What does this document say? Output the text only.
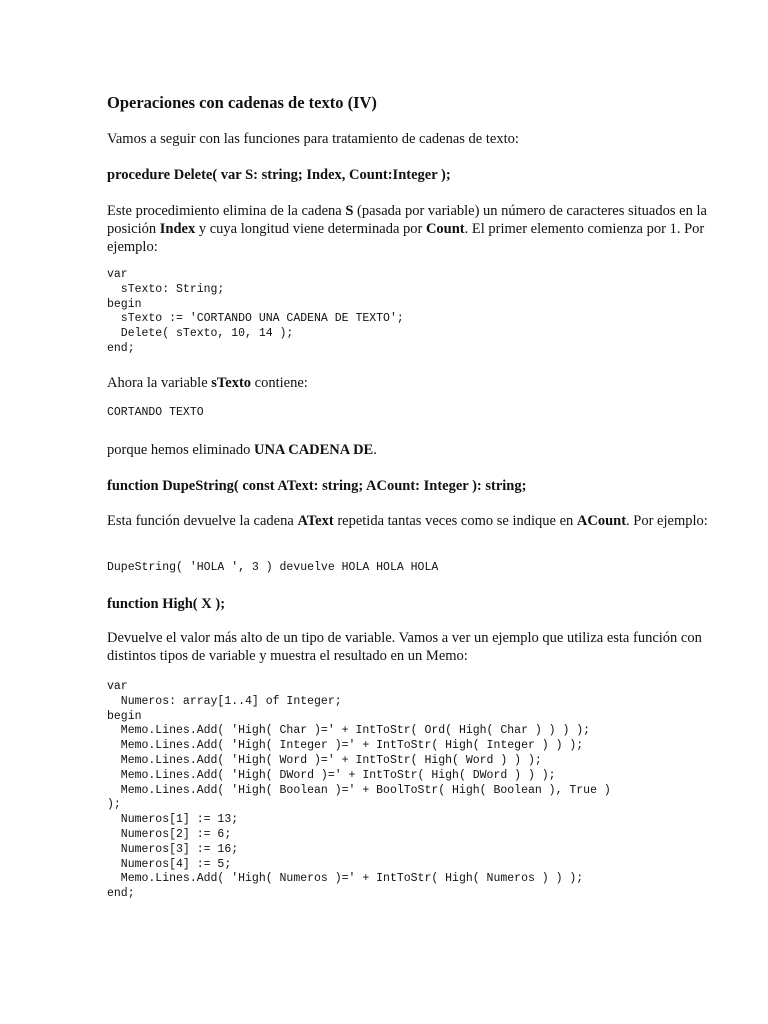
Operaciones con cadenas de texto (IV)

Vamos a seguir con las funciones para tratamiento de cadenas de texto:

procedure Delete( var S: string; Index, Count:Integer );

Este procedimiento elimina de la cadena S (pasada por variable) un número de caracteres situados en la posición Index y cuya longitud viene determinada por Count. El primer elemento comienza por 1. Por ejemplo:

var
sTexto: String;
begin
sTexto := 'CORTANDO UNA CADENA DE TEXTO';
Delete( sTexto, 10, 14 );
end;

Ahora la variable sTexto contiene:

CORTANDO TEXTO

porque hemos eliminado UNA CADENA DE.

function DupeString( const AText: string; ACount: Integer ): string;

Esta función devuelve la cadena AText repetida tantas veces como se indique en ACount. Por ejemplo:

DupeString( 'HOLA ', 3 ) devuelve HOLA HOLA HOLA

function High( X );

Devuelve el valor más alto de un tipo de variable. Vamos a ver un ejemplo que utiliza esta función con distintos tipos de variable y muestra el resultado en un Memo:

var
Numeros: array[1..4] of Integer;
begin
Memo.Lines.Add( 'High( Char )=' + IntToStr( Ord( High( Char ) ) ) );
Memo.Lines.Add( 'High( Integer )=' + IntToStr( High( Integer ) ) );
Memo.Lines.Add( 'High( Word )=' + IntToStr( High( Word ) ) );
Memo.Lines.Add( 'High( DWord )=' + IntToStr( High( DWord ) ) );
Memo.Lines.Add( 'High( Boolean )=' + BoolToStr( High( Boolean ), True )
);
Numeros[1] := 13;
Numeros[2] := 6;
Numeros[3] := 16;
Numeros[4] := 5;
Memo.Lines.Add( 'High( Numeros )=' + IntToStr( High( Numeros ) ) );
end;
